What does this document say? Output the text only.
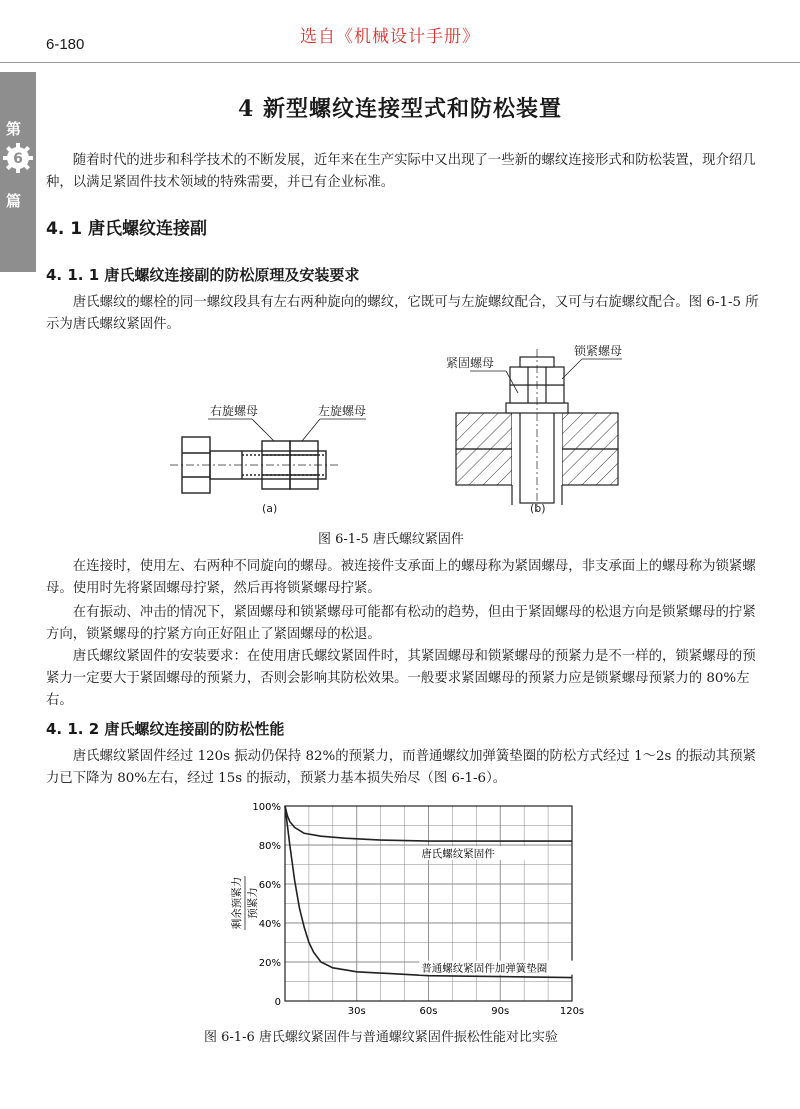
6-180	选自《机械设计手册》
第
6
篇
4 新型螺纹连接型式和防松装置
随着时代的进步和科学技术的不断发展，近年来在生产实际中又出现了一些新的螺纹连接形式和防松装置，现介绍几种，以满足紧固件技术领域的特殊需要，并已有企业标准。
4. 1 唐氏螺纹连接副
4. 1. 1 唐氏螺纹连接副的防松原理及安装要求
唐氏螺纹的螺栓的同一螺纹段具有左右两种旋向的螺纹，它既可与左旋螺纹配合，又可与右旋螺纹配合。图 6-1-5 所示为唐氏螺纹紧固件。
右旋螺母	左旋螺母
(a)
紧固螺母
锁紧螺母
(b)
图 6-1-5 唐氏螺纹紧固件
在连接时，使用左、右两种不同旋向的螺母。被连接件支承面上的螺母称为紧固螺母，非支承面上的螺母称为锁紧螺母。使用时先将紧固螺母拧紧，然后再将锁紧螺母拧紧。
在有振动、冲击的情况下，紧固螺母和锁紧螺母可能都有松动的趋势，但由于紧固螺母的松退方向是锁紧螺母的拧紧方向，锁紧螺母的拧紧方向正好阻止了紧固螺母的松退。
唐氏螺纹紧固件的安装要求：在使用唐氏螺纹紧固件时，其紧固螺母和锁紧螺母的预紧力是不一样的，锁紧螺母的预紧力一定要大于紧固螺母的预紧力，否则会影响其防松效果。一般要求紧固螺母的预紧力应是锁紧螺母预紧力的 80%左右。
4. 1. 2 唐氏螺纹连接副的防松性能
唐氏螺纹紧固件经过 120s 振动仍保持 82%的预紧力，而普通螺纹加弹簧垫圈的防松方式经过 1～2s 的振动其预紧力已下降为 80%左右，经过 15s 的振动，预紧力基本损失殆尽（图 6-1-6）。
20%
40%
60%
80%
100%
30s	60s	90s	120s
0
唐氏螺纹紧固件
普通螺纹紧固件加弹簧垫圈
剩余预紧力 预紧力
图 6-1-6 唐氏螺纹紧固件与普通螺纹紧固件振松性能对比实验
